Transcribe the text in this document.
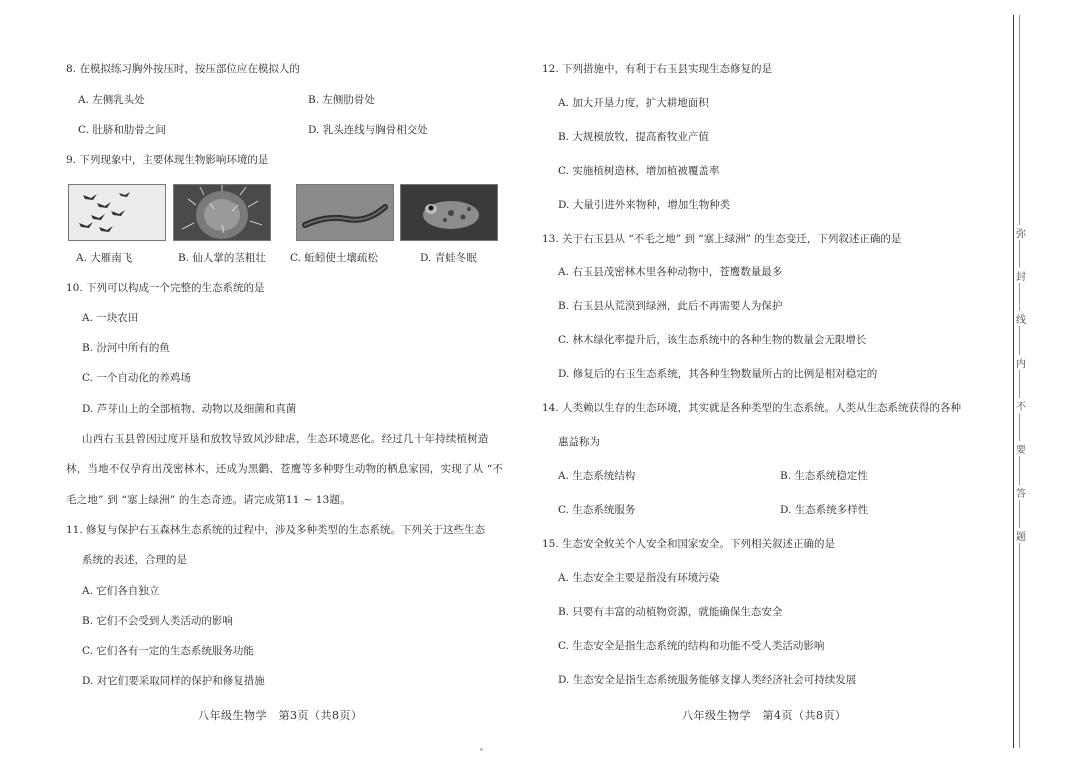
8. 在模拟练习胸外按压时，按压部位应在模拟人的
A. 左侧乳头处	B. 左侧肋骨处
C. 肚脐和肋骨之间	D. 乳头连线与胸骨相交处
9. 下列现象中，主要体现生物影响环境的是
A. 大雁南飞	B. 仙人掌的茎粗壮 C. 蚯蚓使土壤疏松	D. 青蛙冬眠
10. 下列可以构成一个完整的生态系统的是
A. 一块农田
B. 汾河中所有的鱼
C. 一个自动化的养鸡场
D. 芦芽山上的全部植物、动物以及细菌和真菌
山西右玉县曾因过度开垦和放牧导致风沙肆虐，生态环境恶化。经过几十年持续植树造
林，当地不仅孕育出茂密林木，还成为黑鹳、苍鹰等多种野生动物的栖息家园，实现了从 “不
毛之地” 到 “塞上绿洲” 的生态奇迹。请完成第11 ~ 13题。
11. 修复与保护右玉森林生态系统的过程中，涉及多种类型的生态系统。下列关于这些生态
系统的表述，合理的是
A. 它们各自独立
B. 它们不会受到人类活动的影响
C. 它们各有一定的生态系统服务功能
D. 对它们要采取同样的保护和修复措施
八年级生物学　第3页（共8页）
12. 下列措施中，有利于右玉县实现生态修复的是
A. 加大开垦力度，扩大耕地面积
B. 大规模放牧，提高畜牧业产值
C. 实施植树造林，增加植被覆盖率
D. 大量引进外来物种，增加生物种类
13. 关于右玉县从 “不毛之地” 到 “塞上绿洲” 的生态变迁，下列叙述正确的是
A. 右玉县茂密林木里各种动物中，苍鹰数量最多
B. 右玉县从荒漠到绿洲，此后不再需要人为保护
C. 林木绿化率提升后，该生态系统中的各种生物的数量会无限增长
D. 修复后的右玉生态系统，其各种生物数量所占的比例是相对稳定的
14. 人类赖以生存的生态环境，其实就是各种类型的生态系统。人类从生态系统获得的各种
惠益称为
A. 生态系统结构	B. 生态系统稳定性
C. 生态系统服务	D. 生态系统多样性
15. 生态安全攸关个人安全和国家安全。下列相关叙述正确的是
A. 生态安全主要是指没有环境污染
B. 只要有丰富的动植物资源，就能确保生态安全
C. 生态安全是指生态系统的结构和功能不受人类活动影响
D. 生态安全是指生态系统服务能够支撑人类经济社会可持续发展
八年级生物学　第4页（共8页）
弥
封
线
内
不
要
答
题
